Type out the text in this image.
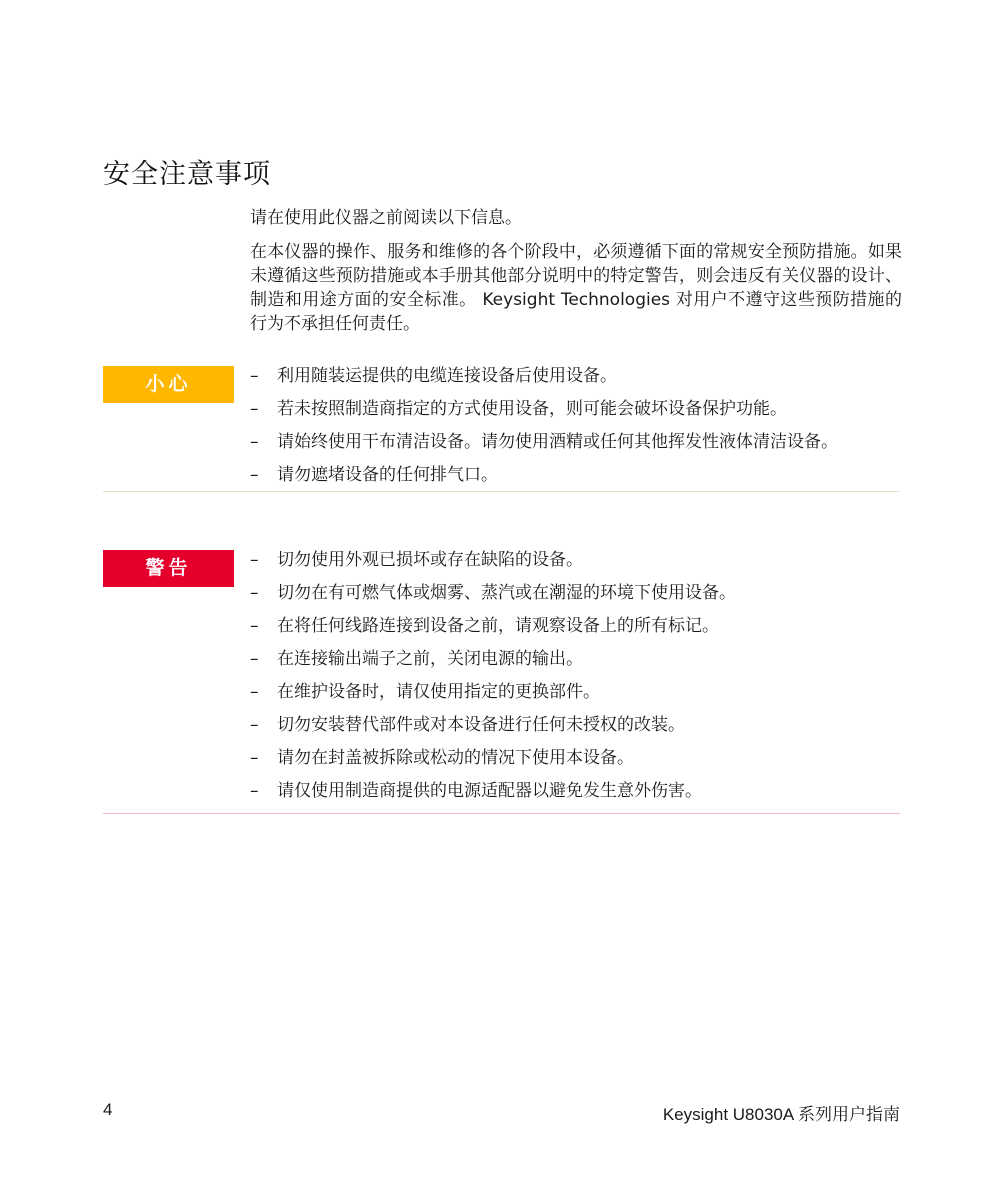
安全注意事项

请在使用此仪器之前阅读以下信息。

在本仪器的操作、服务和维修的各个阶段中，必须遵循下面的常规安全预防措施。如果未遵循这些预防措施或本手册其他部分说明中的特定警告，则会违反有关仪器的设计、制造和用途方面的安全标准。 Keysight Technologies 对用户不遵守这些预防措施的行为不承担任何责任。

小心	– 利用随装运提供的电缆连接设备后使用设备。
– 若未按照制造商指定的方式使用设备，则可能会破坏设备保护功能。
– 请始终使用干布清洁设备。请勿使用酒精或任何其他挥发性液体清洁设备。
– 请勿遮堵设备的任何排气口。
警告	– 切勿使用外观已损坏或存在缺陷的设备。
– 切勿在有可燃气体或烟雾、蒸汽或在潮湿的环境下使用设备。
– 在将任何线路连接到设备之前，请观察设备上的所有标记。
– 在连接输出端子之前，关闭电源的输出。
– 在维护设备时，请仅使用指定的更换部件。
– 切勿安装替代部件或对本设备进行任何未授权的改装。
– 请勿在封盖被拆除或松动的情况下使用本设备。
– 请仅使用制造商提供的电源适配器以避免发生意外伤害。
4	Keysight U8030A 系列用户指南
